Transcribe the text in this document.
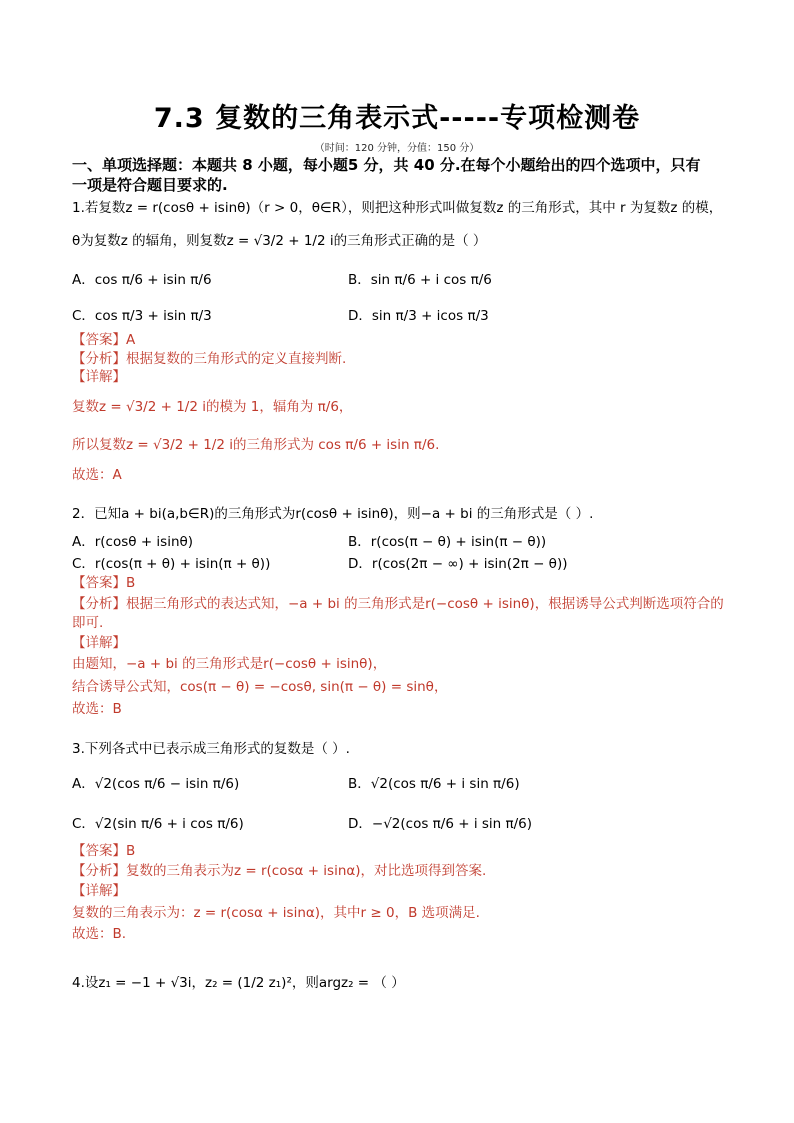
7.3 复数的三角表示式-----专项检测卷
（时间：120 分钟，分值：150 分）
一、单项选择题：本题共 8 小题，每小题5 分，共 40 分.在每个小题给出的四个选项中，只有
一项是符合题目要求的.
1.若复数z = r(cosθ + isinθ)（r > 0，θ∈R），则把这种形式叫做复数z 的三角形式，其中 r 为复数z 的模，
θ为复数z 的辐角，则复数z = √3/2 + 1/2 i的三角形式正确的是（ ）
A．cos π/6 + isin π/6	B．sin π/6 + i cos π/6
C．cos π/3 + isin π/3	D．sin π/3 + icos π/3
【答案】A
【分析】根据复数的三角形式的定义直接判断.
【详解】
复数z = √3/2 + 1/2 i的模为 1，辐角为 π/6，
所以复数z = √3/2 + 1/2 i的三角形式为 cos π/6 + isin π/6.
故选：A
2．已知a + bi(a,b∈R)的三角形式为r(cosθ + isinθ)，则−a + bi 的三角形式是（ ）.
A．r(cosθ + isinθ)	B．r(cos(π − θ) + isin(π − θ))
C．r(cos(π + θ) + isin(π + θ))	D．r(cos(2π − ∞) + isin(2π − θ))
【答案】B
【分析】根据三角形式的表达式知，−a + bi 的三角形式是r(−cosθ + isinθ)，根据诱导公式判断选项符合的
即可.
【详解】
由题知，−a + bi 的三角形式是r(−cosθ + isinθ)，
结合诱导公式知，cos(π − θ) = −cosθ, sin(π − θ) = sinθ，
故选：B
3.下列各式中已表示成三角形式的复数是（ ）.
A．√2(cos π/6 − isin π/6)	B．√2(cos π/6 + i sin π/6)
C．√2(sin π/6 + i cos π/6)	D．−√2(cos π/6 + i sin π/6)
【答案】B
【分析】复数的三角表示为z = r(cosα + isinα)，对比选项得到答案.
【详解】
复数的三角表示为：z = r(cosα + isinα)，其中r ≥ 0，B 选项满足.
故选：B.
4.设z₁ = −1 + √3i，z₂ = (1/2 z₁)²，则argz₂ = （ ）
